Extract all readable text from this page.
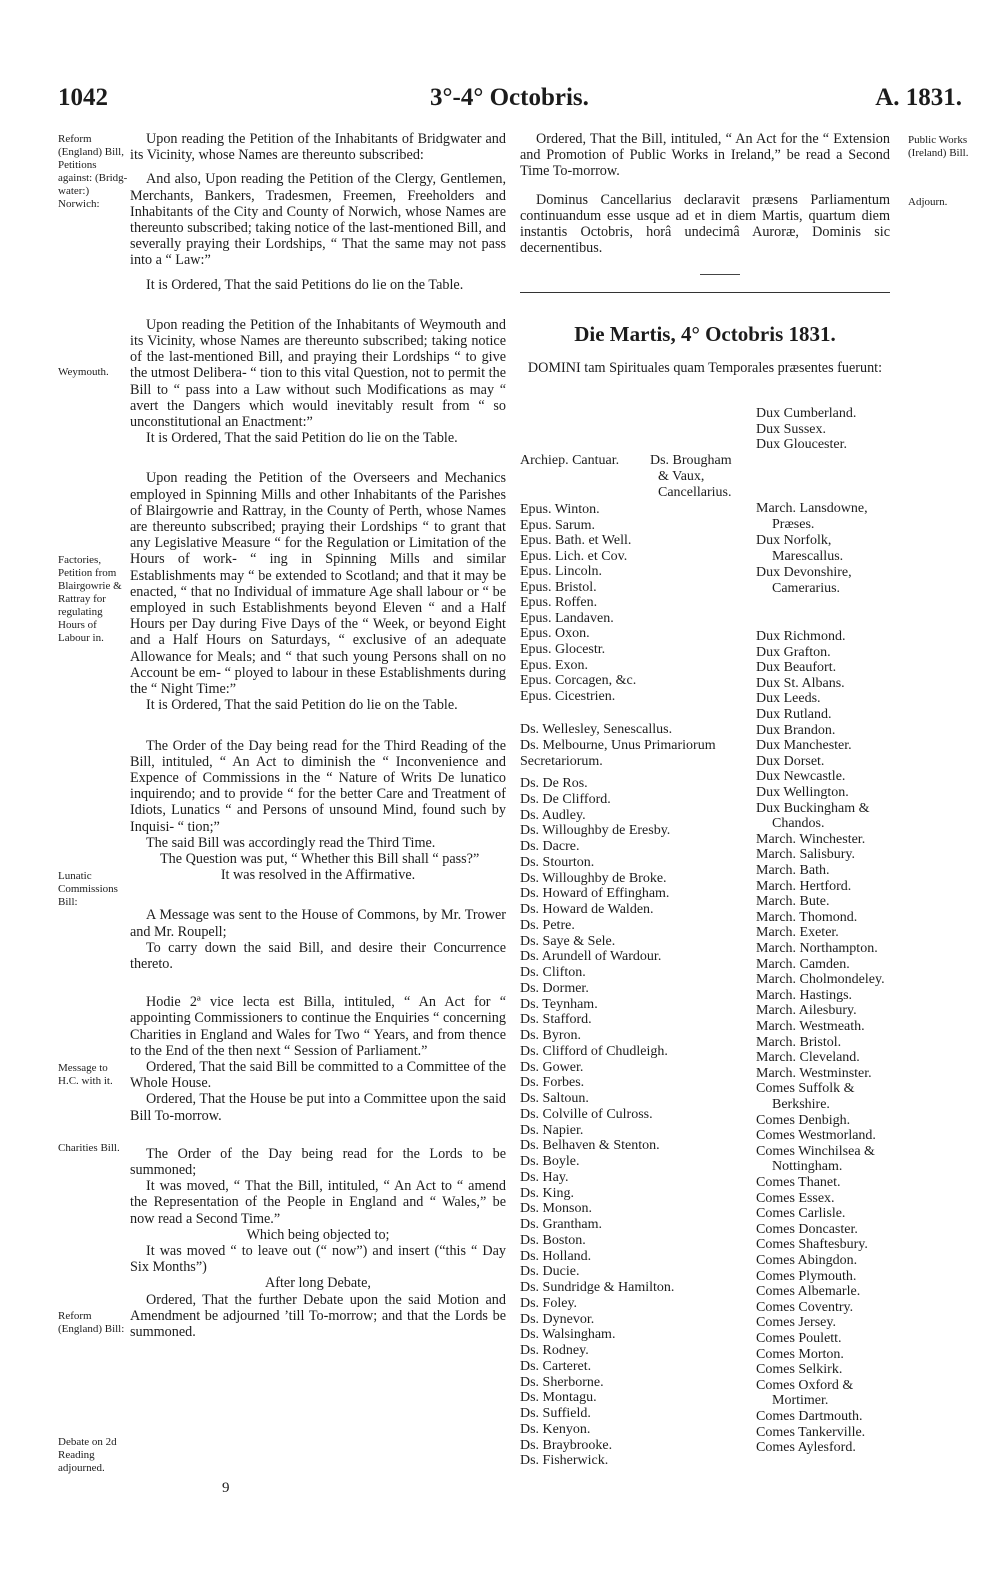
1042	3°-4° Octobris.	A. 1831.
Reform (England) Bill, Petitions against: (Bridg-water:) Norwich:
Weymouth.
Factories, Petition from Blairgowrie & Rattray for regulating Hours of Labour in.
Lunatic Commissions Bill:
Message to H.C. with it.
Charities Bill.
Reform (England) Bill:
Debate on 2d Reading adjourned.
Public Works (Ireland) Bill.
Adjourn.

Upon reading the Petition of the Inhabitants of Bridgwater and its Vicinity, whose Names are thereunto subscribed:

And also, Upon reading the Petition of the Clergy, Gentlemen, Merchants, Bankers, Tradesmen, Freemen, Freeholders and Inhabitants of the City and County of Norwich, whose Names are thereunto subscribed; taking notice of the last-mentioned Bill, and severally praying their Lordships, “ That the same may not pass into a “ Law:”

It is Ordered, That the said Petitions do lie on the Table.

Upon reading the Petition of the Inhabitants of Weymouth and its Vicinity, whose Names are thereunto subscribed; taking notice of the last-mentioned Bill, and praying their Lordships “ to give the utmost Delibera- “ tion to this vital Question, not to permit the Bill to “ pass into a Law without such Modifications as may “ avert the Dangers which would inevitably result from “ so unconstitutional an Enactment:”

It is Ordered, That the said Petition do lie on the Table.

Upon reading the Petition of the Overseers and Mechanics employed in Spinning Mills and other Inhabitants of the Parishes of Blairgowrie and Rattray, in the County of Perth, whose Names are thereunto subscribed; praying their Lordships “ to grant that any Legislative Measure “ for the Regulation or Limitation of the Hours of work- “ ing in Spinning Mills and similar Establishments may “ be extended to Scotland; and that it may be enacted, “ that no Individual of immature Age shall labour or “ be employed in such Establishments beyond Eleven “ and a Half Hours per Day during Five Days of the “ Week, or beyond Eight and a Half Hours on Saturdays, “ exclusive of an adequate Allowance for Meals; and “ that such young Persons shall on no Account be em- “ ployed to labour in these Establishments during the “ Night Time:”

It is Ordered, That the said Petition do lie on the Table.

The Order of the Day being read for the Third Reading of the Bill, intituled, “ An Act to diminish the “ Inconvenience and Expence of Commissions in the “ Nature of Writs De lunatico inquirendo; and to provide “ for the better Care and Treatment of Idiots, Lunatics “ and Persons of unsound Mind, found such by Inquisi- “ tion;”

The said Bill was accordingly read the Third Time.

The Question was put, “ Whether this Bill shall “ pass?”

It was resolved in the Affirmative.

A Message was sent to the House of Commons, by Mr. Trower and Mr. Roupell;

To carry down the said Bill, and desire their Concurrence thereto.

Hodie 2ª vice lecta est Billa, intituled, “ An Act for “ appointing Commissioners to continue the Enquiries “ concerning Charities in England and Wales for Two “ Years, and from thence to the End of the then next “ Session of Parliament.”

Ordered, That the said Bill be committed to a Committee of the Whole House.

Ordered, That the House be put into a Committee upon the said Bill To-morrow.

The Order of the Day being read for the Lords to be summoned;

It was moved, “ That the Bill, intituled, “ An Act to “ amend the Representation of the People in England and “ Wales,” be now read a Second Time.”

Which being objected to;

It was moved “ to leave out (“ now”) and insert (“this “ Day Six Months”)

After long Debate,

Ordered, That the further Debate upon the said Motion and Amendment be adjourned ’till To-morrow; and that the Lords be summoned.

9

Ordered, That the Bill, intituled, “ An Act for the “ Extension and Promotion of Public Works in Ireland,” be read a Second Time To-morrow.

Dominus Cancellarius declaravit præsens Parliamentum continuandum esse usque ad et in diem Martis, quartum diem instantis Octobris, horâ undecimâ Auroræ, Dominis sic decernentibus.

Die Martis, 4° Octobris 1831.
DOMINI tam Spirituales quam Temporales præsentes fuerunt:
Archiep. Cantuar.
Epus. Winton.
Epus. Sarum.
Epus. Bath. et Well.
Epus. Lich. et Cov.
Epus. Lincoln.
Epus. Bristol.
Epus. Roffen.
Epus. Landaven.
Epus. Oxon.
Epus. Glocestr.
Epus. Exon.
Epus. Corcagen, &c.
Epus. Cicestrien.
Ds. Wellesley, Senescallus.
Ds. Melbourne, Unus Primariorum
Secretariorum.
Ds. De Ros.
Ds. De Clifford.
Ds. Audley.
Ds. Willoughby de Eresby.
Ds. Dacre.
Ds. Stourton.
Ds. Willoughby de Broke.
Ds. Howard of Effingham.
Ds. Howard de Walden.
Ds. Petre.
Ds. Saye & Sele.
Ds. Arundell of Wardour.
Ds. Clifton.
Ds. Dormer.
Ds. Teynham.
Ds. Stafford.
Ds. Byron.
Ds. Clifford of Chudleigh.
Ds. Gower.
Ds. Forbes.
Ds. Saltoun.
Ds. Colville of Culross.
Ds. Napier.
Ds. Belhaven & Stenton.
Ds. Boyle.
Ds. Hay.
Ds. King.
Ds. Monson.
Ds. Grantham.
Ds. Boston.
Ds. Holland.
Ds. Ducie.
Ds. Sundridge & Hamilton.
Ds. Foley.
Ds. Dynevor.
Ds. Walsingham.
Ds. Rodney.
Ds. Carteret.
Ds. Sherborne.
Ds. Montagu.
Ds. Suffield.
Ds. Kenyon.
Ds. Braybrooke.
Ds. Fisherwick.
Ds. Brougham
& Vaux,
Cancellarius.
Dux Cumberland.
Dux Sussex.
Dux Gloucester.
March. Lansdowne,
Præses.
Dux Norfolk,
Marescallus.
Dux Devonshire,
Camerarius.
Dux Richmond.
Dux Grafton.
Dux Beaufort.
Dux St. Albans.
Dux Leeds.
Dux Rutland.
Dux Brandon.
Dux Manchester.
Dux Dorset.
Dux Newcastle.
Dux Wellington.
Dux Buckingham &
Chandos.
March. Winchester.
March. Salisbury.
March. Bath.
March. Hertford.
March. Bute.
March. Thomond.
March. Exeter.
March. Northampton.
March. Camden.
March. Cholmondeley.
March. Hastings.
March. Ailesbury.
March. Westmeath.
March. Bristol.
March. Cleveland.
March. Westminster.
Comes Suffolk &
Berkshire.
Comes Denbigh.
Comes Westmorland.
Comes Winchilsea &
Nottingham.
Comes Thanet.
Comes Essex.
Comes Carlisle.
Comes Doncaster.
Comes Shaftesbury.
Comes Abingdon.
Comes Plymouth.
Comes Albemarle.
Comes Coventry.
Comes Jersey.
Comes Poulett.
Comes Morton.
Comes Selkirk.
Comes Oxford &
Mortimer.
Comes Dartmouth.
Comes Tankerville.
Comes Aylesford.
